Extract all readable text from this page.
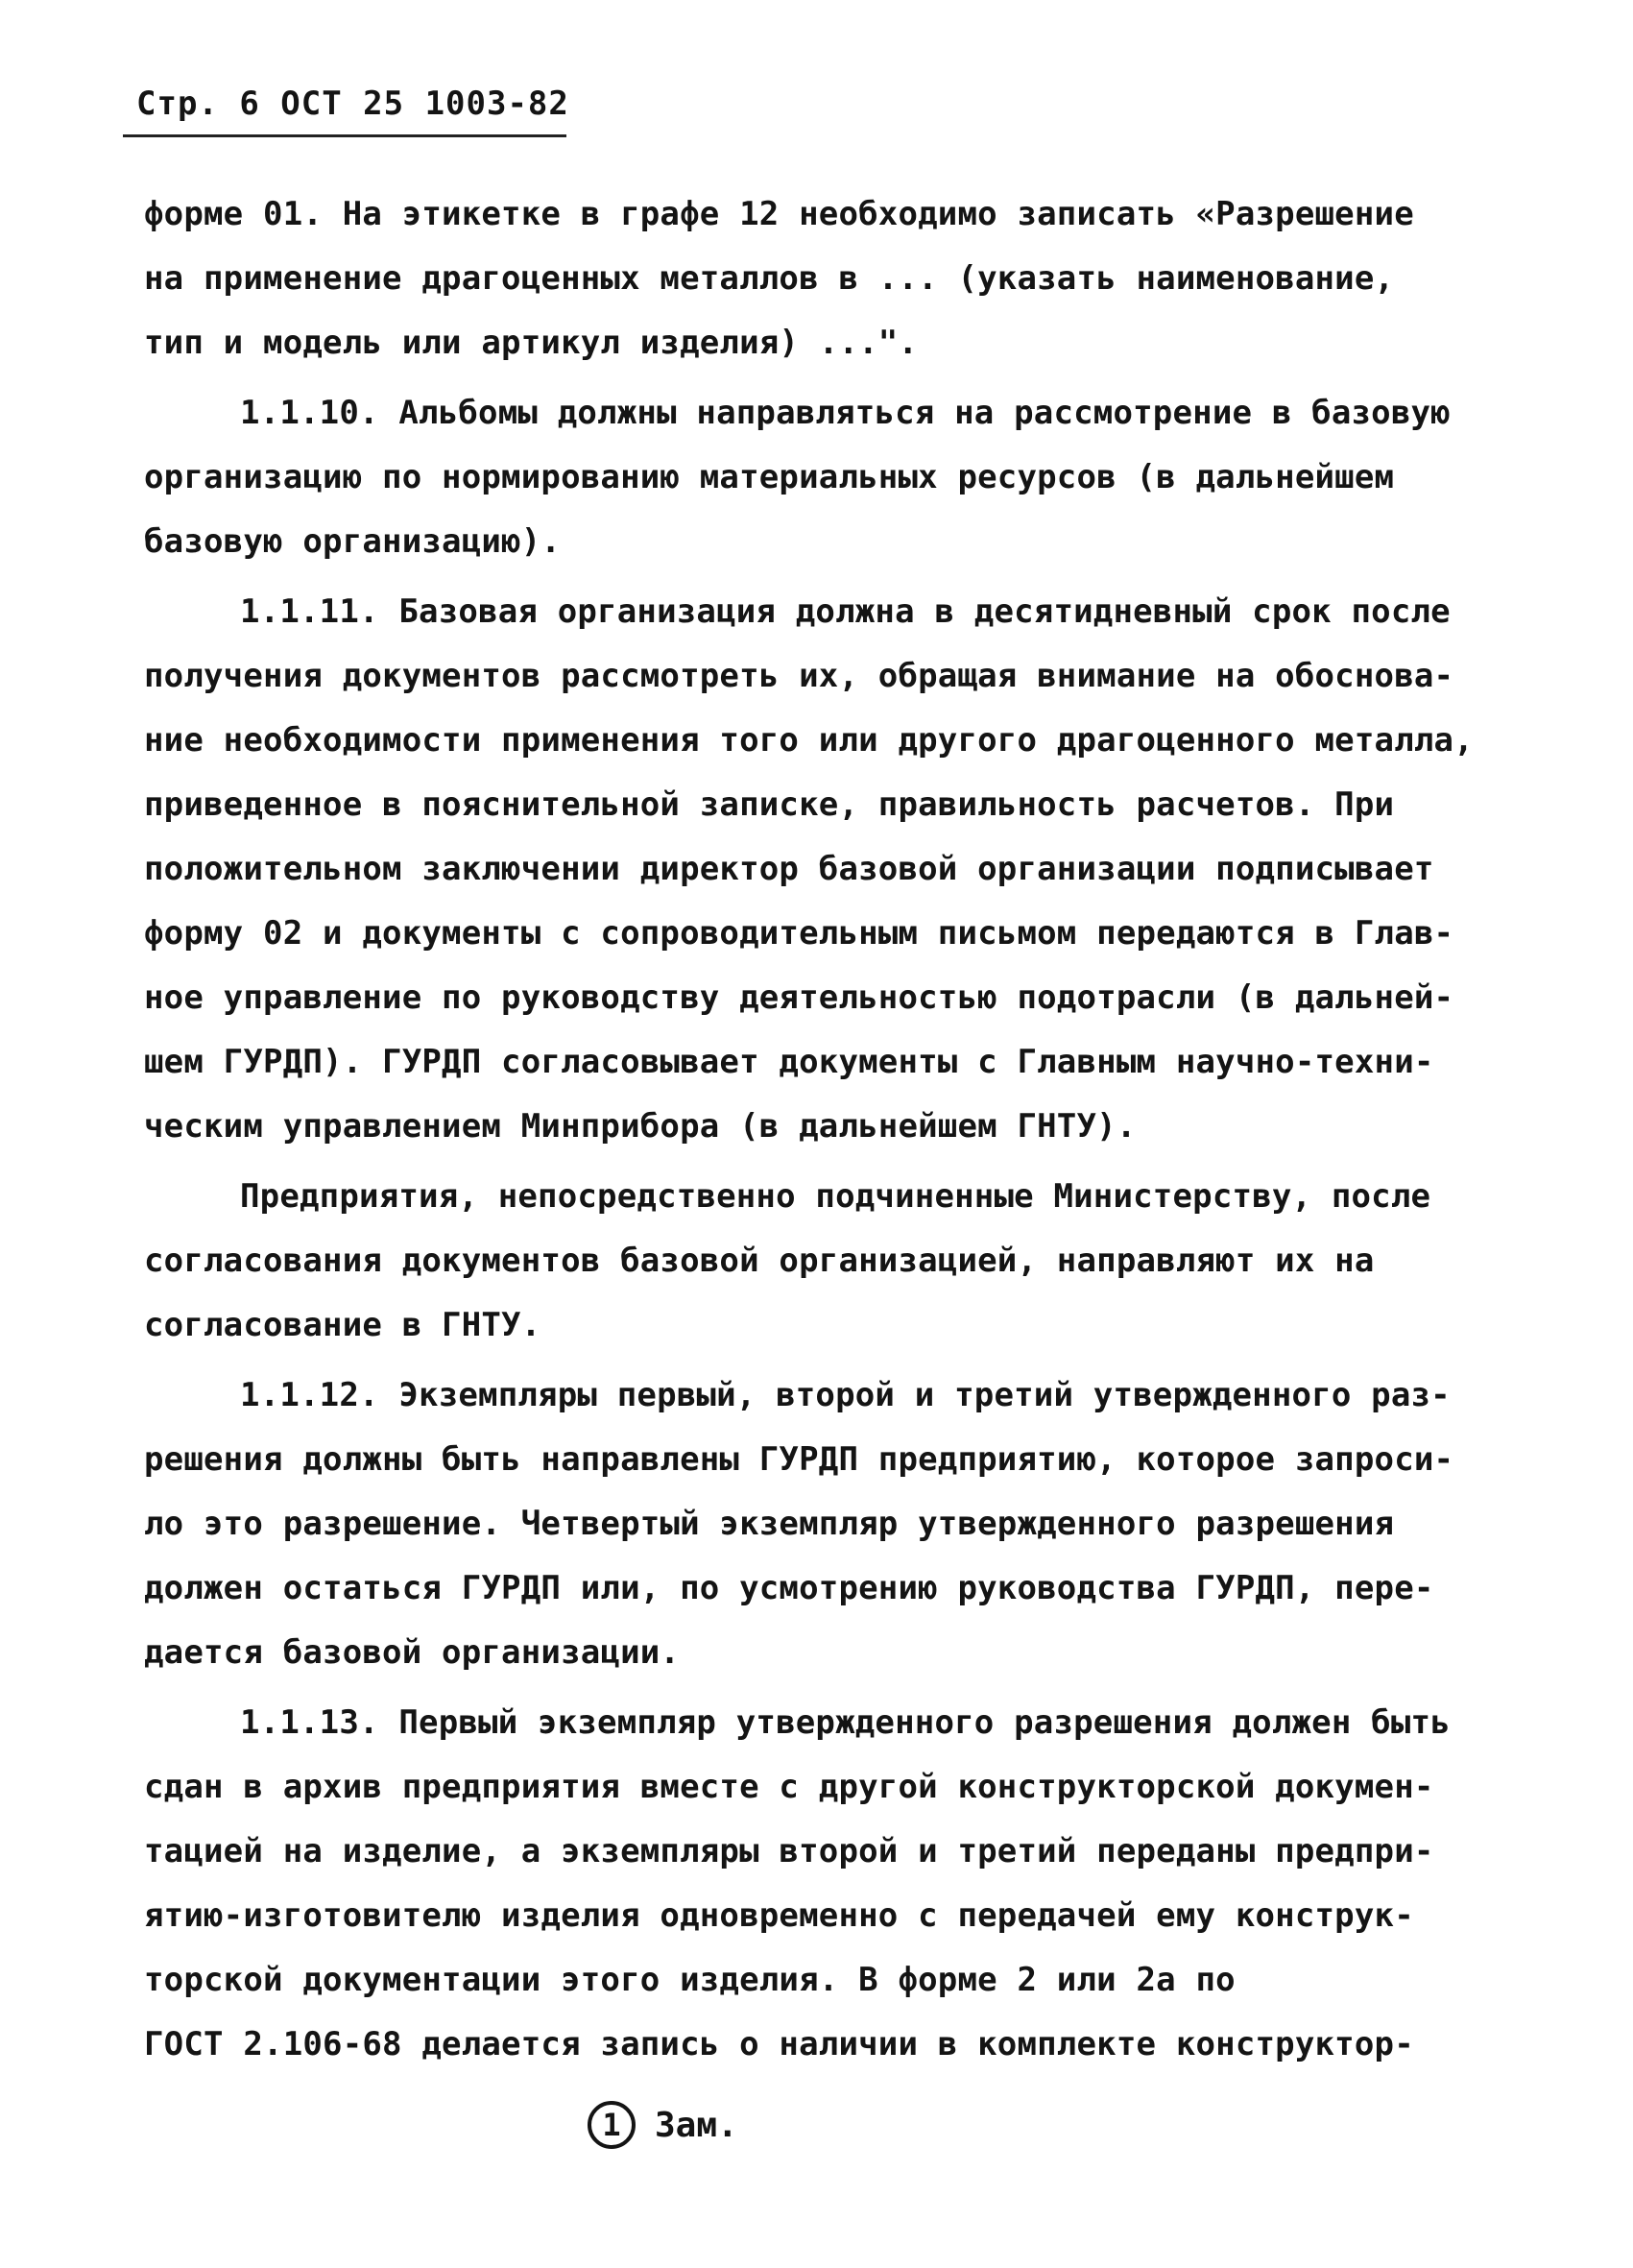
Стр. 6 ОСТ 25 1003-82
форме 01. На этикетке в графе 12 необходимо записать «Разрешение
на применение драгоценных металлов в ... (указать наименование,
тип и модель или артикул изделия) ...".
1.1.10. Альбомы должны направляться на рассмотрение в базовую
организацию по нормированию материальных ресурсов (в дальнейшем
базовую организацию).
1.1.11. Базовая организация должна в десятидневный срок после
получения документов рассмотреть их, обращая внимание на обоснова-
ние необходимости применения того или другого драгоценного металла,
приведенное в пояснительной записке, правильность расчетов. При
положительном заключении директор базовой организации подписывает
форму 02 и документы с сопроводительным письмом передаются в Глав-
ное управление по руководству деятельностью подотрасли (в дальней-
шем ГУРДП). ГУРДП согласовывает документы с Главным научно-техни-
ческим управлением Минприбора (в дальнейшем ГНТУ).
Предприятия, непосредственно подчиненные Министерству, после
согласования документов базовой организацией, направляют их на
согласование в ГНТУ.
1.1.12. Экземпляры первый, второй и третий утвержденного раз-
решения должны быть направлены ГУРДП предприятию, которое запроси-
ло это разрешение. Четвертый экземпляр утвержденного разрешения
должен остаться ГУРДП или, по усмотрению руководства ГУРДП, пере-
дается базовой организации.
1.1.13. Первый экземпляр утвержденного разрешения должен быть
сдан в архив предприятия вместе с другой конструкторской докумен-
тацией на изделие, а экземпляры второй и третий переданы предпри-
ятию-изготовителю изделия одновременно с передачей ему конструк-
торской документации этого изделия. В форме 2 или 2а по
ГОСТ 2.106-68 делается запись о наличии в комплекте конструктор-
1 Зам.
